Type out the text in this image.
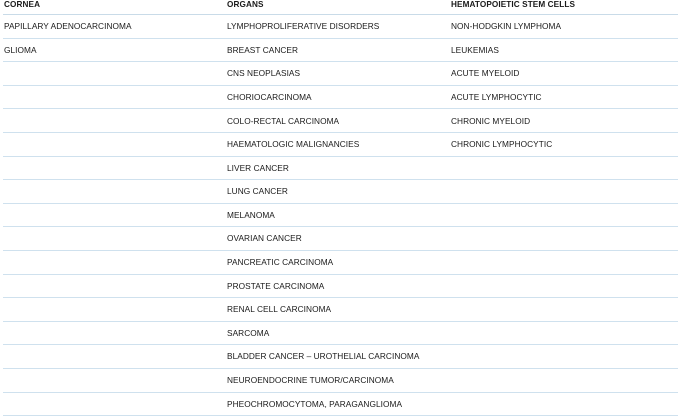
CORNEA	ORGANS	HEMATOPOIETIC STEM CELLS
PAPILLARY ADENOCARCINOMA	LYMPHOPROLIFERATIVE DISORDERS	NON-HODGKIN LYMPHOMA
GLIOMA	BREAST CANCER	LEUKEMIAS
	CNS NEOPLASIAS	ACUTE MYELOID
	CHORIOCARCINOMA	ACUTE LYMPHOCYTIC
	COLO-RECTAL CARCINOMA	CHRONIC MYELOID
	HAEMATOLOGIC MALIGNANCIES	CHRONIC LYMPHOCYTIC
	LIVER CANCER	
	LUNG CANCER	
	MELANOMA	
	OVARIAN CANCER	
	PANCREATIC CARCINOMA	
	PROSTATE CARCINOMA	
	RENAL CELL CARCINOMA	
	SARCOMA	
	BLADDER CANCER – UROTHELIAL CARCINOMA	
	NEUROENDOCRINE TUMOR/CARCINOMA	
	PHEOCHROMOCYTOMA, PARAGANGLIOMA	
